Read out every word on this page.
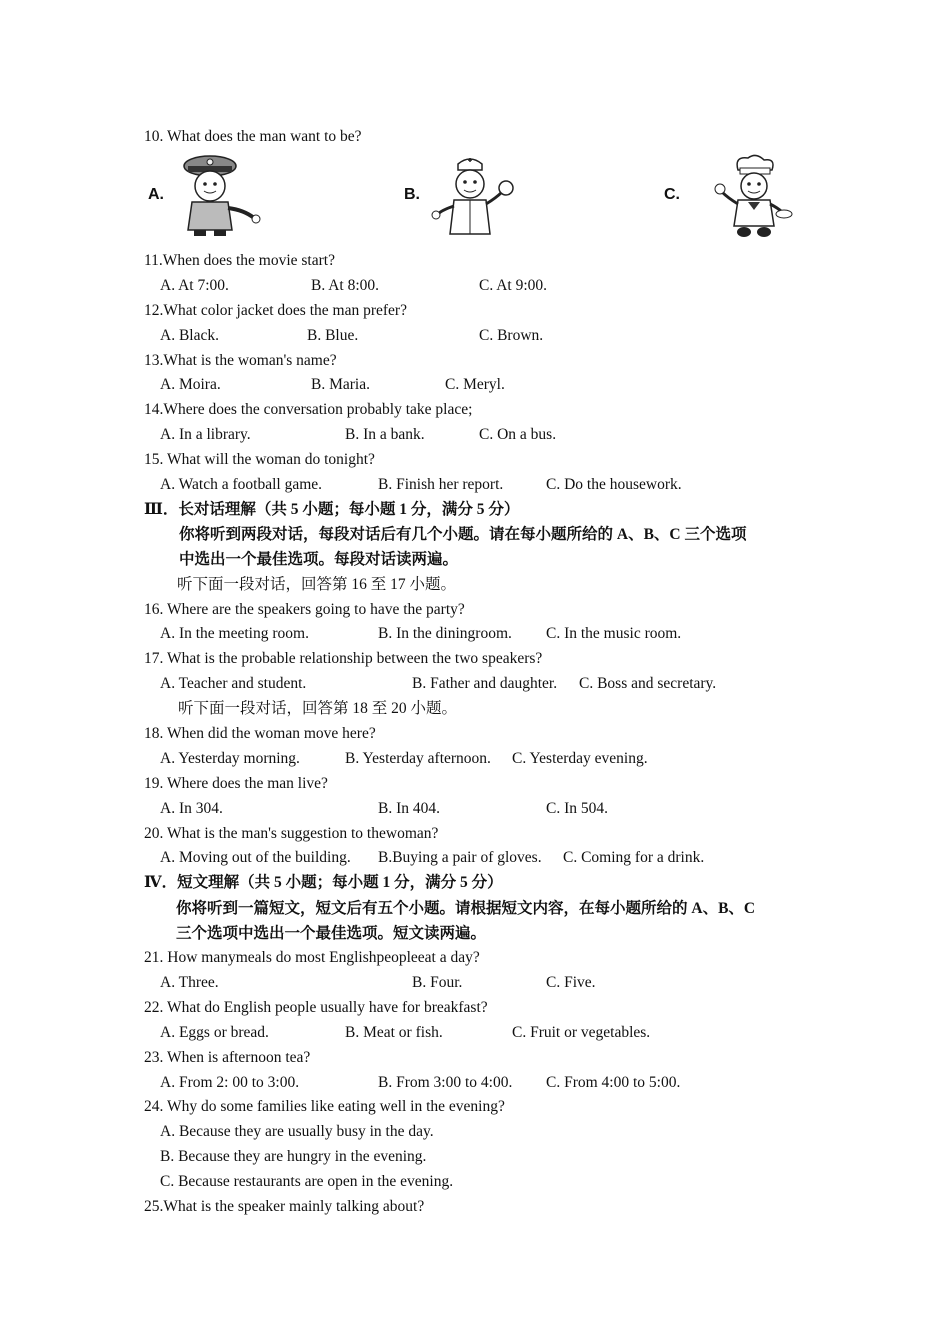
10. What does the man want to be?
A.	B.	C.
11.When does the movie start?
A. At 7:00.	B. At 8:00.	C. At 9:00.
12.What color jacket does the man prefer?
A. Black.	B. Blue.	C. Brown.
13.What is the woman's name?
A. Moira.	B. Maria.	C. Meryl.
14.Where does the conversation probably take place;
A. In a library.	B. In a bank.	C. On a bus.
15. What will the woman do tonight?
A. Watch a football game.	B. Finish her report.	C. Do the housework.
Ⅲ．长对话理解（共 5 小题；每小题 1 分，满分 5 分）
你将听到两段对话，每段对话后有几个小题。请在每小题所给的 A、B、C 三个选项
中选出一个最佳选项。每段对话读两遍。
听下面一段对话，回答第 16 至 17 小题。
16. Where are the speakers going to have the party?
A. In the meeting room.	B. In the diningroom. C. In the music room.
17. What is the probable relationship between the two speakers?
A. Teacher and student.	B. Father and daughter. C. Boss and secretary.
听下面一段对话，回答第 18 至 20 小题。
18. When did the woman move here?
A. Yesterday morning.	B. Yesterday afternoon. C. Yesterday evening.
19. Where does the man live?
A. In 304.	B. In 404.	C. In 504.
20. What is the man's suggestion to thewoman?
A. Moving out of the building. B.Buying a pair of gloves. C. Coming for a drink.
Ⅳ．短文理解（共 5 小题；每小题 1 分，满分 5 分）
你将听到一篇短文，短文后有五个小题。请根据短文内容，在每小题所给的 A、B、C
三个选项中选出一个最佳选项。短文读两遍。
21. How manymeals do most Englishpeopleeat a day?
A. Three.	B. Four.	C. Five.
22. What do English people usually have for breakfast?
A. Eggs or bread.	B. Meat or fish.	C. Fruit or vegetables.
23. When is afternoon tea?
A. From 2: 00 to 3:00.	B. From 3:00 to 4:00. C. From 4:00 to 5:00.
24. Why do some families like eating well in the evening?
A. Because they are usually busy in the day.
B. Because they are hungry in the evening.
C. Because restaurants are open in the evening.
25.What is the speaker mainly talking about?
